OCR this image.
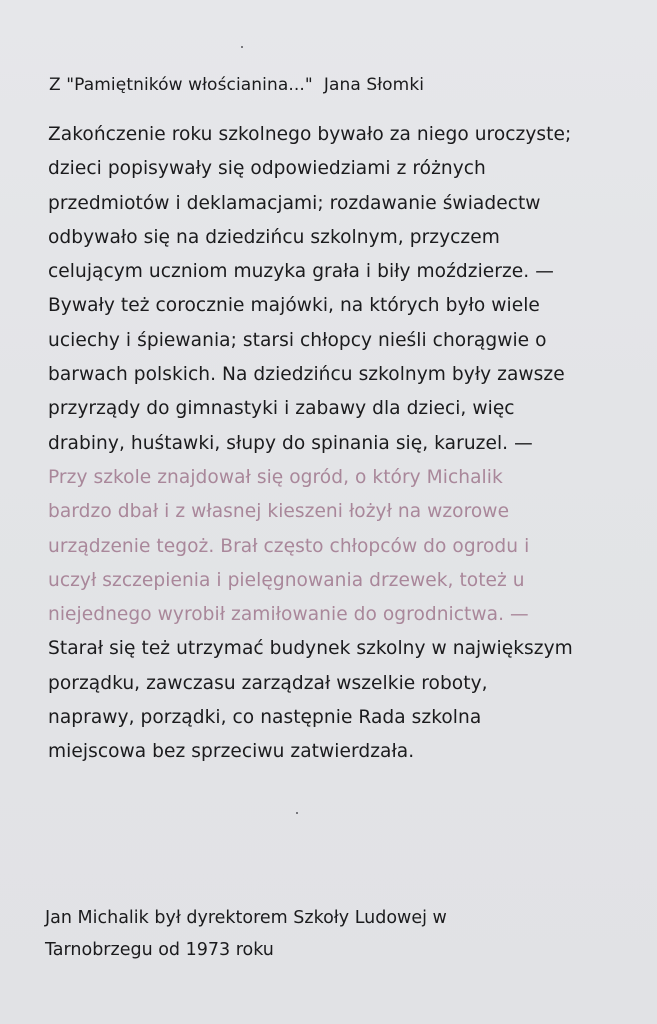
Z "Pamiętników włościanina..."  Jana Słomki

Zakończenie roku szkolnego bywało za niego uroczyste;
dzieci popisywały się odpowiedziami z różnych
przedmiotów i deklamacjami; rozdawanie świadectw
odbywało się na dziedzińcu szkolnym, przyczem
celującym uczniom muzyka grała i biły moździerze. —
Bywały też corocznie majówki, na których było wiele
uciechy i śpiewania; starsi chłopcy nieśli chorągwie o
barwach polskich. Na dziedzińcu szkolnym były zawsze
przyrządy do gimnastyki i zabawy dla dzieci, więc
drabiny, huśtawki, słupy do spinania się, karuzel. —
Przy szkole znajdował się ogród, o który Michalik
bardzo dbał i z własnej kieszeni łożył na wzorowe
urządzenie tegoż. Brał często chłopców do ogrodu i
uczył szczepienia i pielęgnowania drzewek, toteż u
niejednego wyrobił zamiłowanie do ogrodnictwa. —
Starał się też utrzymać budynek szkolny w największym
porządku, zawczasu zarządzał wszelkie roboty,
naprawy, porządki, co następnie Rada szkolna
miejscowa bez sprzeciwu zatwierdzała.

Jan Michalik był dyrektorem Szkoły Ludowej w
Tarnobrzegu od 1973 roku
